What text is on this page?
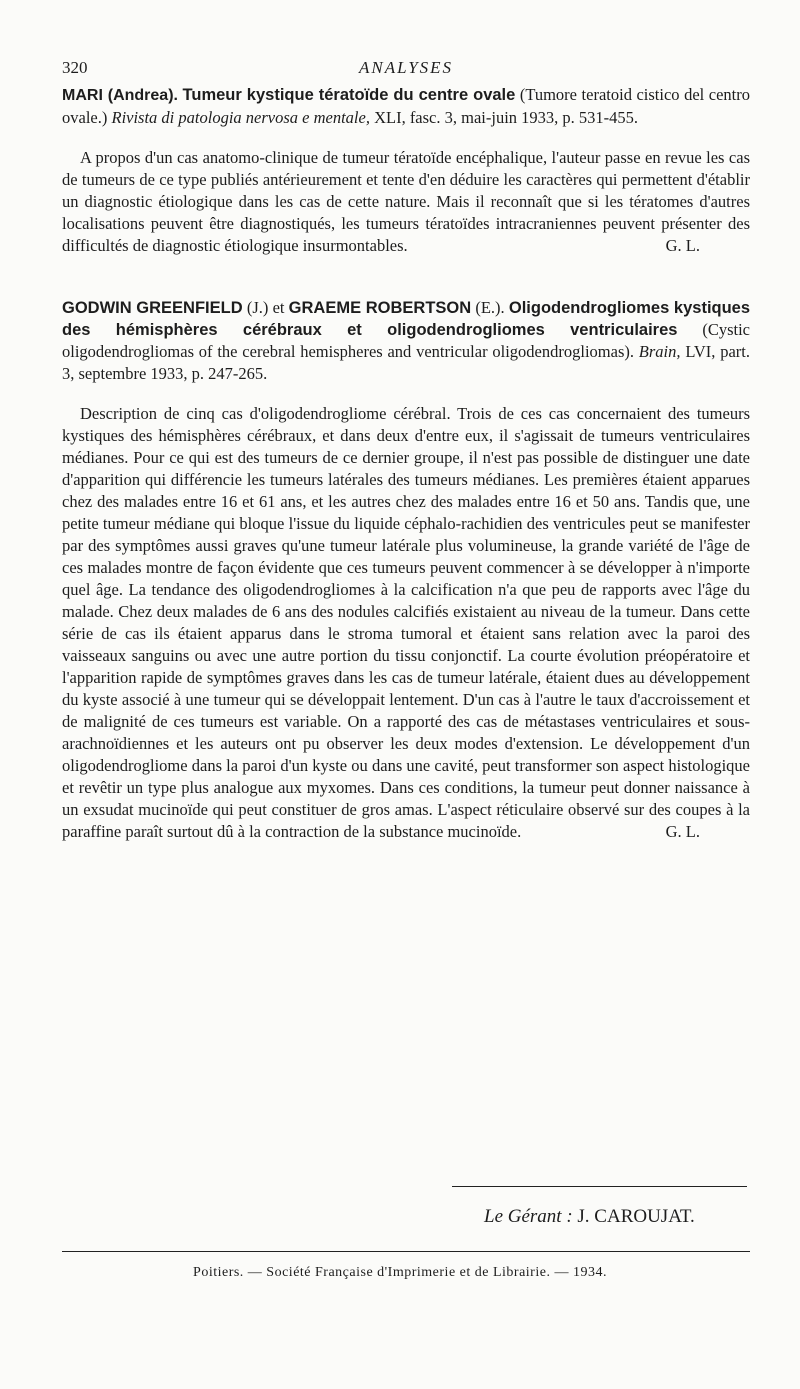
320	ANALYSES

MARI (Andrea). Tumeur kystique tératoïde du centre ovale (Tumore teratoid cistico del centro ovale.) Rivista di patologia nervosa e mentale, XLI, fasc. 3, mai-juin 1933, p. 531-455.

A propos d'un cas anatomo-clinique de tumeur tératoïde encéphalique, l'auteur passe en revue les cas de tumeurs de ce type publiés antérieurement et tente d'en déduire les caractères qui permettent d'établir un diagnostic étiologique dans les cas de cette nature. Mais il reconnaît que si les tératomes d'autres localisations peuvent être diagnostiqués, les tumeurs tératoïdes intracraniennes peuvent présenter des difficultés de diagnostic étiologique insurmontables.	G. L.

GODWIN GREENFIELD (J.) et GRAEME ROBERTSON (E.). Oligodendrogliomes kystiques des hémisphères cérébraux et oligodendrogliomes ventriculaires (Cystic oligodendrogliomas of the cerebral hemispheres and ventricular oligodendrogliomas). Brain, LVI, part. 3, septembre 1933, p. 247-265.

Description de cinq cas d'oligodendrogliome cérébral. Trois de ces cas concernaient des tumeurs kystiques des hémisphères cérébraux, et dans deux d'entre eux, il s'agissait de tumeurs ventriculaires médianes. Pour ce qui est des tumeurs de ce dernier groupe, il n'est pas possible de distinguer une date d'apparition qui différencie les tumeurs latérales des tumeurs médianes. Les premières étaient apparues chez des malades entre 16 et 61 ans, et les autres chez des malades entre 16 et 50 ans. Tandis que, une petite tumeur médiane qui bloque l'issue du liquide céphalo-rachidien des ventricules peut se manifester par des symptômes aussi graves qu'une tumeur latérale plus volumineuse, la grande variété de l'âge de ces malades montre de façon évidente que ces tumeurs peuvent commencer à se développer à n'importe quel âge. La tendance des oligodendrogliomes à la calcification n'a que peu de rapports avec l'âge du malade. Chez deux malades de 6 ans des nodules calcifiés existaient au niveau de la tumeur. Dans cette série de cas ils étaient apparus dans le stroma tumoral et étaient sans relation avec la paroi des vaisseaux sanguins ou avec une autre portion du tissu conjonctif. La courte évolution préopératoire et l'apparition rapide de symptômes graves dans les cas de tumeur latérale, étaient dues au développement du kyste associé à une tumeur qui se développait lentement. D'un cas à l'autre le taux d'accroissement et de malignité de ces tumeurs est variable. On a rapporté des cas de métastases ventriculaires et sous-arachnoïdiennes et les auteurs ont pu observer les deux modes d'extension. Le développement d'un oligodendrogliome dans la paroi d'un kyste ou dans une cavité, peut transformer son aspect histologique et revêtir un type plus analogue aux myxomes. Dans ces conditions, la tumeur peut donner naissance à un exsudat mucinoïde qui peut constituer de gros amas. L'aspect réticulaire observé sur des coupes à la paraffine paraît surtout dû à la contraction de la substance mucinoïde.	G. L.

Le Gérant : J. CAROUJAT.
Poitiers. — Société Française d'Imprimerie et de Librairie. — 1934.
